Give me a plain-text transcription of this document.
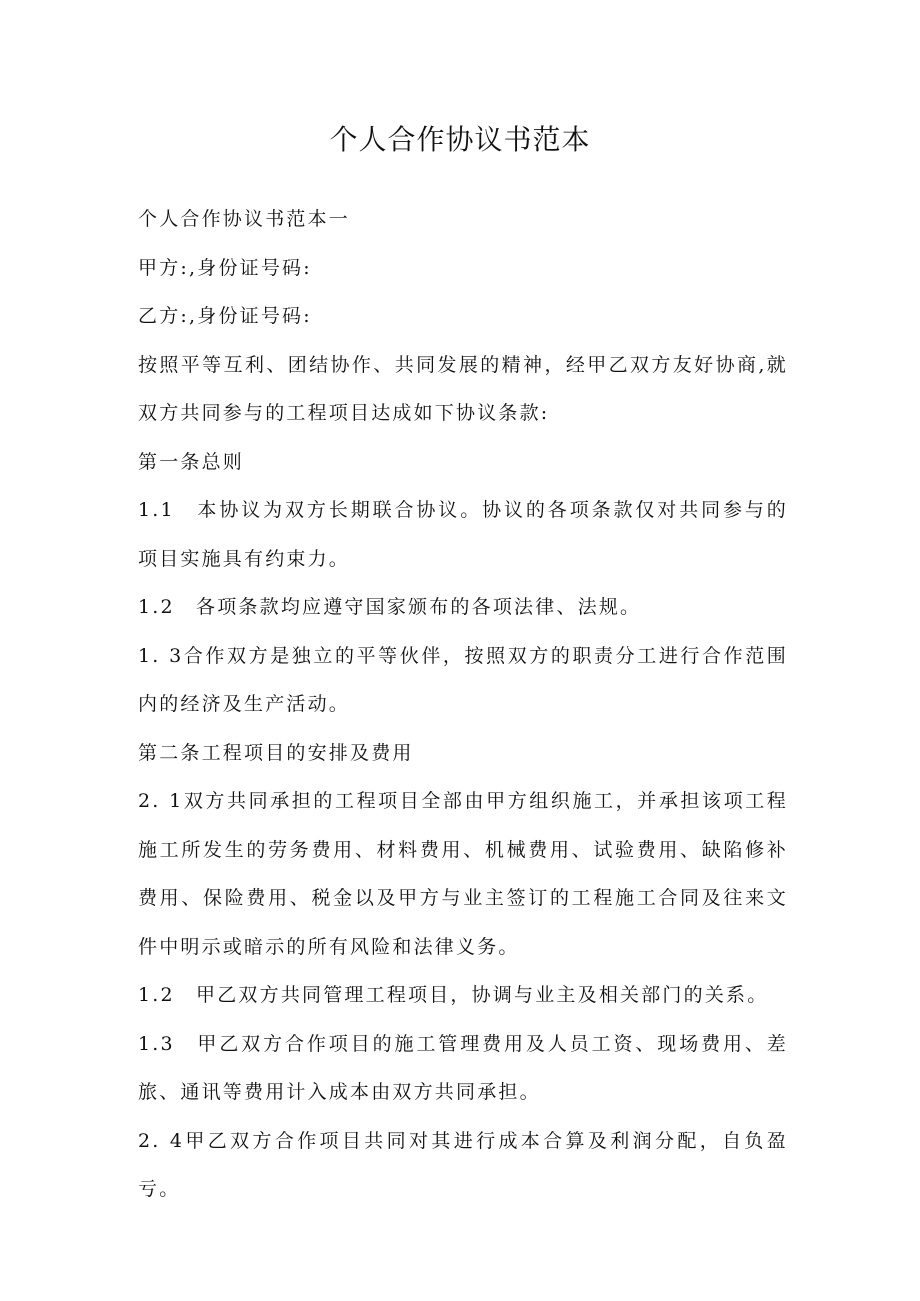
个人合作协议书范本

个人合作协议书范本一

甲方:,身份证号码:

乙方:,身份证号码:

按照平等互利、团结协作、共同发展的精神，经甲乙双方友好协商,就双方共同参与的工程项目达成如下协议条款:

第一条总则

1.1　本协议为双方长期联合协议。协议的各项条款仅对共同参与的项目实施具有约束力。

1.2　各项条款均应遵守国家颁布的各项法律、法规。

1. 3合作双方是独立的平等伙伴，按照双方的职责分工进行合作范围内的经济及生产活动。

第二条工程项目的安排及费用

2. 1双方共同承担的工程项目全部由甲方组织施工，并承担该项工程施工所发生的劳务费用、材料费用、机械费用、试验费用、缺陷修补费用、保险费用、税金以及甲方与业主签订的工程施工合同及往来文件中明示或暗示的所有风险和法律义务。

1.2　甲乙双方共同管理工程项目，协调与业主及相关部门的关系。

1.3　甲乙双方合作项目的施工管理费用及人员工资、现场费用、差旅、通讯等费用计入成本由双方共同承担。

2. 4甲乙双方合作项目共同对其进行成本合算及利润分配，自负盈亏。
